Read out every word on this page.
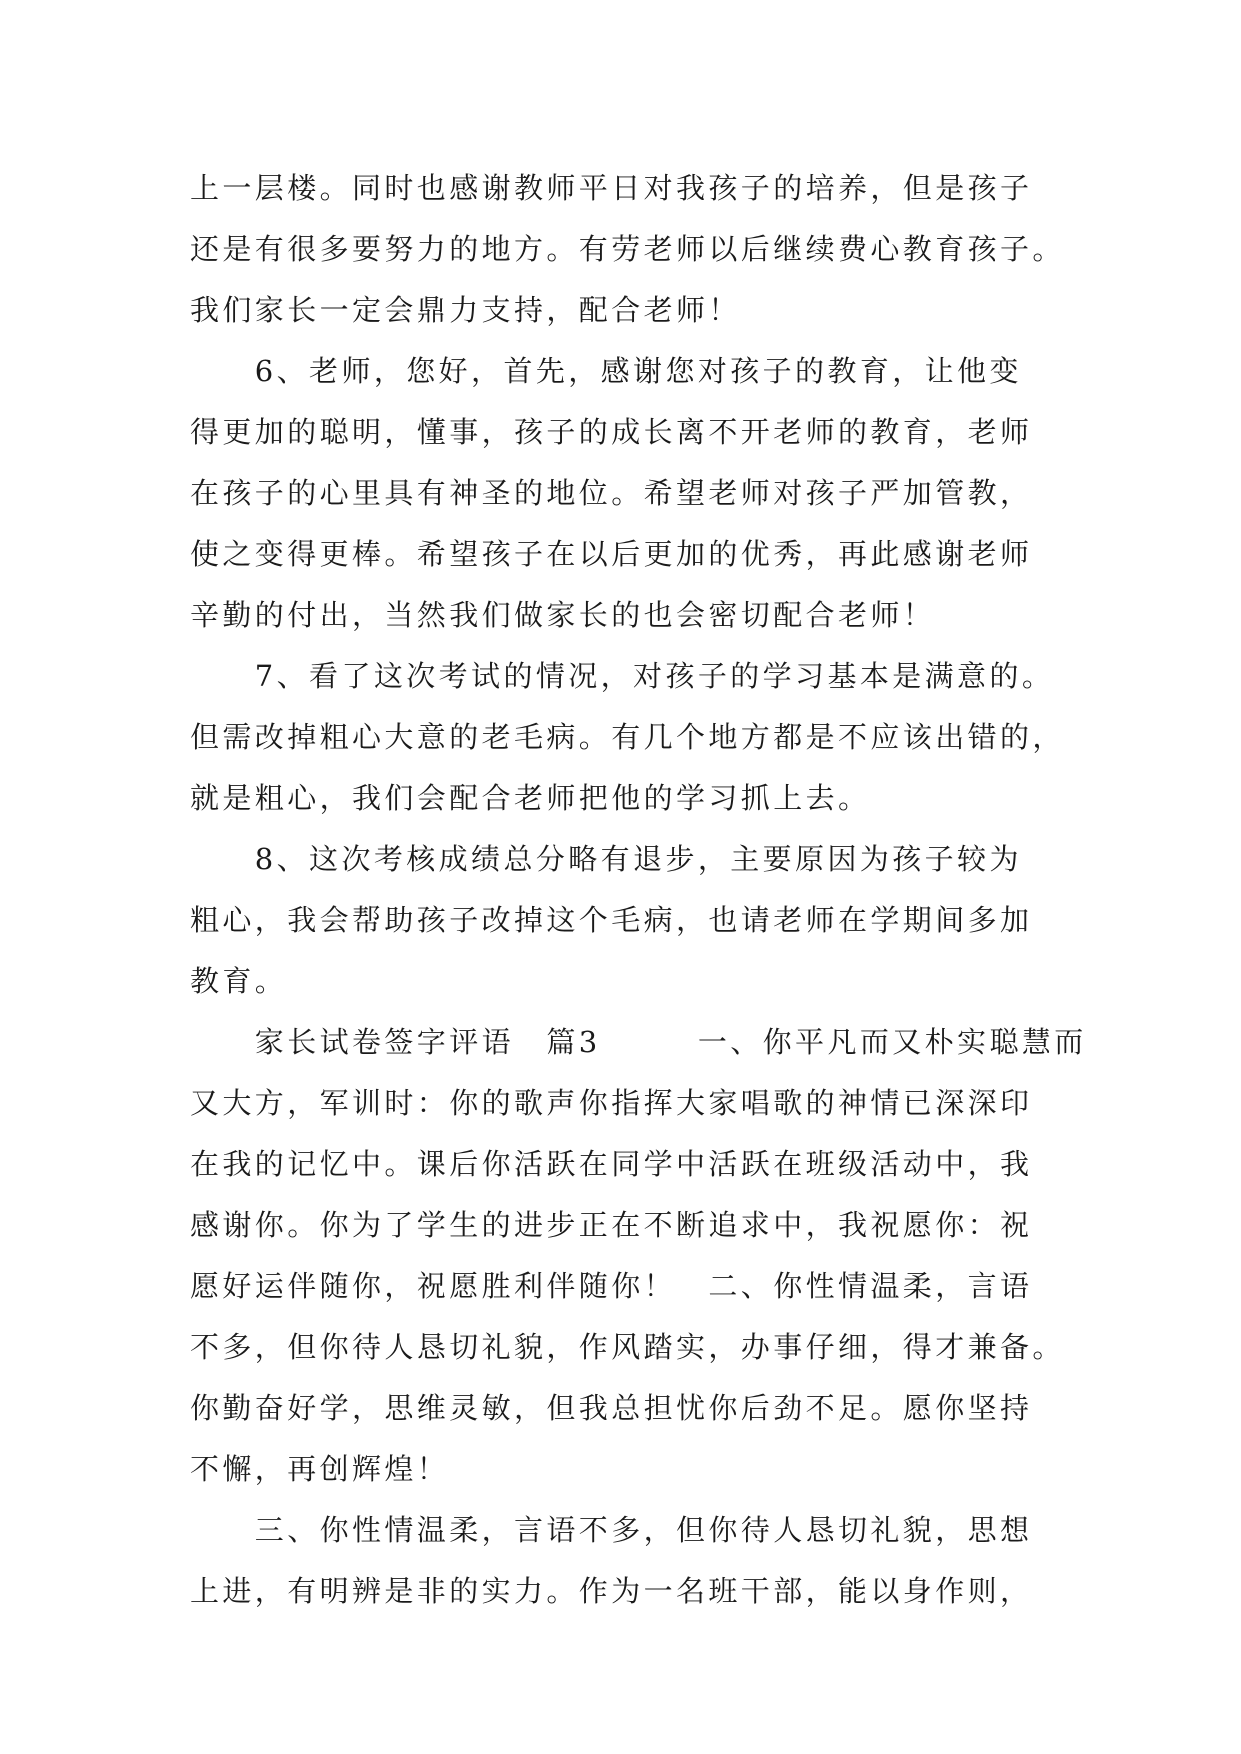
上一层楼。同时也感谢教师平日对我孩子的培养，但是孩子
还是有很多要努力的地方。有劳老师以后继续费心教育孩子。
我们家长一定会鼎力支持，配合老师！
　　6、老师，您好，首先，感谢您对孩子的教育，让他变
得更加的聪明，懂事，孩子的成长离不开老师的教育，老师
在孩子的心里具有神圣的地位。希望老师对孩子严加管教，
使之变得更棒。希望孩子在以后更加的优秀，再此感谢老师
辛勤的付出，当然我们做家长的也会密切配合老师！
　　7、看了这次考试的情况，对孩子的学习基本是满意的。
但需改掉粗心大意的老毛病。有几个地方都是不应该出错的，
就是粗心，我们会配合老师把他的学习抓上去。
　　8、这次考核成绩总分略有退步，主要原因为孩子较为
粗心，我会帮助孩子改掉这个毛病，也请老师在学期间多加
教育。
　　家长试卷签字评语　篇3　　　一、你平凡而又朴实聪慧而
又大方，军训时：你的歌声你指挥大家唱歌的神情已深深印
在我的记忆中。课后你活跃在同学中活跃在班级活动中，我
感谢你。你为了学生的进步正在不断追求中，我祝愿你：祝
愿好运伴随你，祝愿胜利伴随你！　二、你性情温柔，言语
不多，但你待人恳切礼貌，作风踏实，办事仔细，得才兼备。
你勤奋好学，思维灵敏，但我总担忧你后劲不足。愿你坚持
不懈，再创辉煌！
　　三、你性情温柔，言语不多，但你待人恳切礼貌，思想
上进，有明辨是非的实力。作为一名班干部，能以身作则，
